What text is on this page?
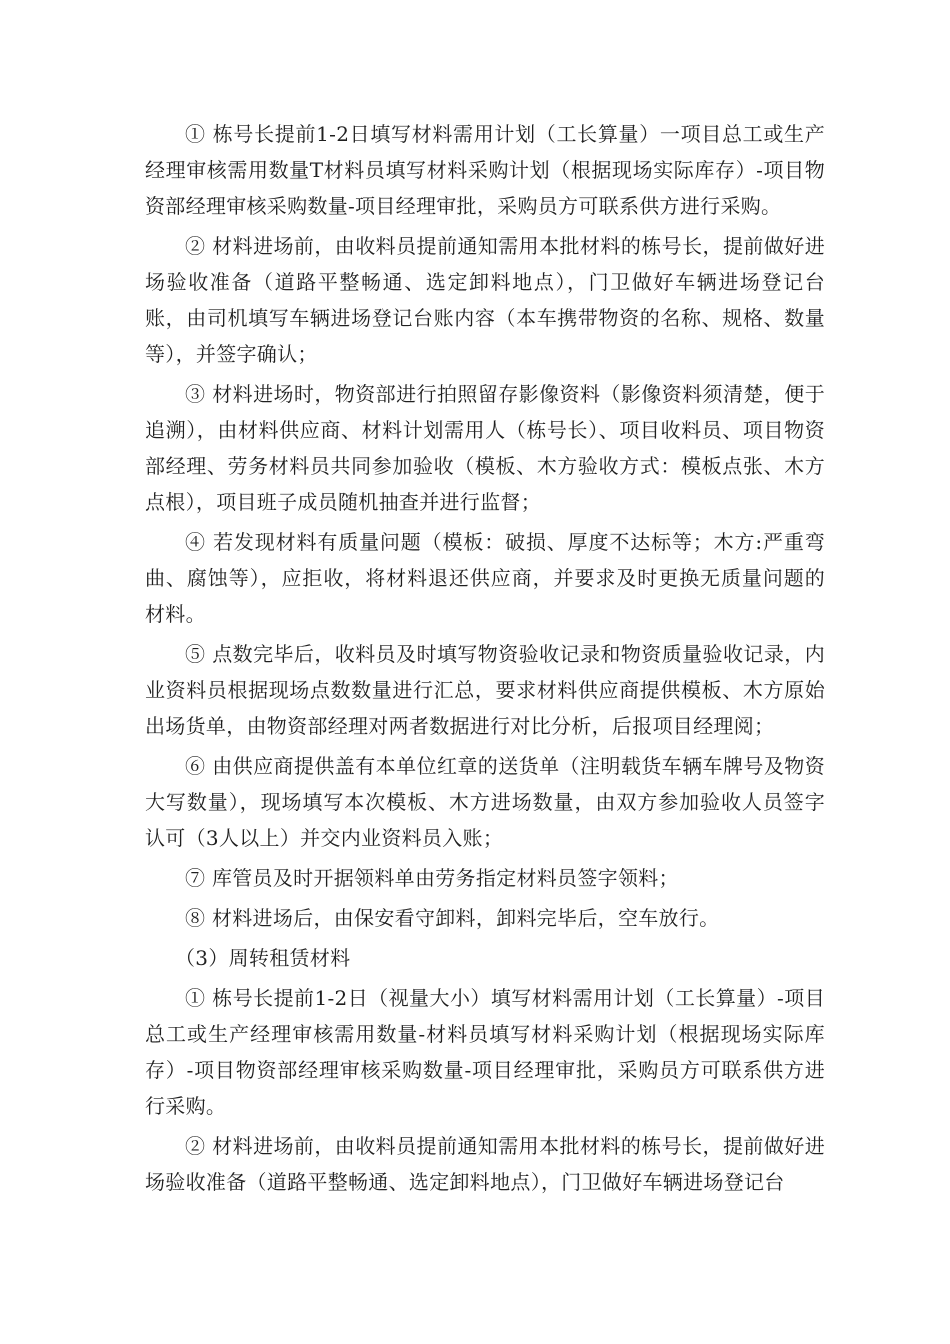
① 栋号长提前1-2日填写材料需用计划（工长算量）一项目总工或生产经理审核需用数量T材料员填写材料采购计划（根据现场实际库存）-项目物资部经理审核采购数量-项目经理审批，采购员方可联系供方进行采购。

② 材料进场前，由收料员提前通知需用本批材料的栋号长，提前做好进场验收准备（道路平整畅通、选定卸料地点），门卫做好车辆进场登记台账，由司机填写车辆进场登记台账内容（本车携带物资的名称、规格、数量等），并签字确认；

③ 材料进场时，物资部进行拍照留存影像资料（影像资料须清楚，便于追溯），由材料供应商、材料计划需用人（栋号长）、项目收料员、项目物资部经理、劳务材料员共同参加验收（模板、木方验收方式：模板点张、木方点根），项目班子成员随机抽查并进行监督；

④ 若发现材料有质量问题（模板：破损、厚度不达标等；木方:严重弯曲、腐蚀等），应拒收，将材料退还供应商，并要求及时更换无质量问题的材料。

⑤ 点数完毕后，收料员及时填写物资验收记录和物资质量验收记录，内业资料员根据现场点数数量进行汇总，要求材料供应商提供模板、木方原始出场货单，由物资部经理对两者数据进行对比分析，后报项目经理阅；

⑥ 由供应商提供盖有本单位红章的送货单（注明载货车辆车牌号及物资大写数量），现场填写本次模板、木方进场数量，由双方参加验收人员签字认可（3人以上）并交内业资料员入账；

⑦ 库管员及时开据领料单由劳务指定材料员签字领料；

⑧ 材料进场后，由保安看守卸料，卸料完毕后，空车放行。

（3）周转租赁材料

① 栋号长提前1-2日（视量大小）填写材料需用计划（工长算量）-项目总工或生产经理审核需用数量-材料员填写材料采购计划（根据现场实际库存）-项目物资部经理审核采购数量-项目经理审批，采购员方可联系供方进行采购。

② 材料进场前，由收料员提前通知需用本批材料的栋号长，提前做好进场验收准备（道路平整畅通、选定卸料地点），门卫做好车辆进场登记台
